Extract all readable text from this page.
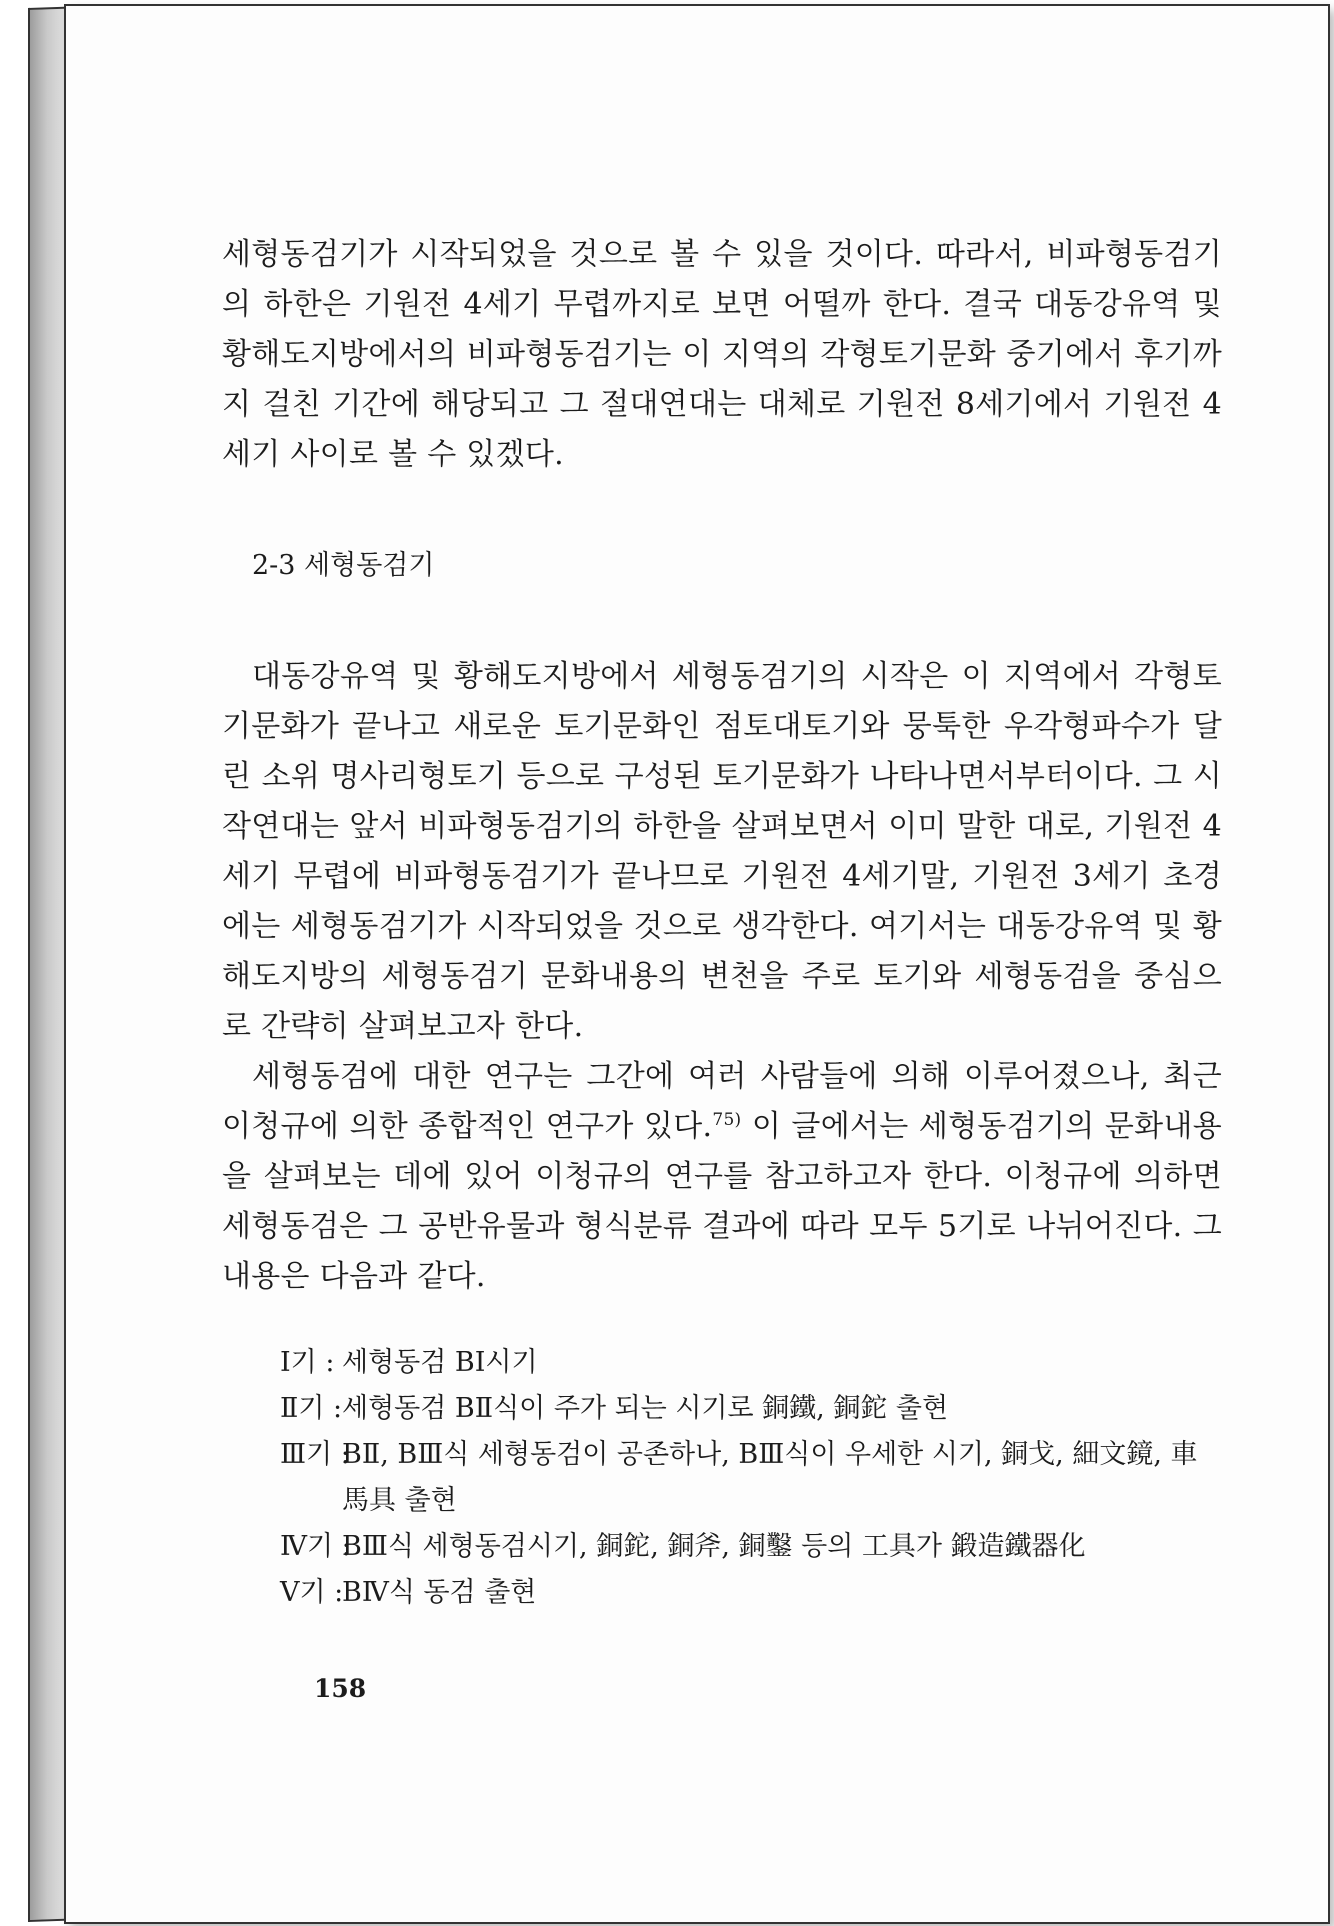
세형동검기가 시작되었을 것으로 볼 수 있을 것이다. 따라서, 비파형동검기의 하한은 기원전 4세기 무렵까지로 보면 어떨까 한다. 결국 대동강유역 및 황해도지방에서의 비파형동검기는 이 지역의 각형토기문화 중기에서 후기까지 걸친 기간에 해당되고 그 절대연대는 대체로 기원전 8세기에서 기원전 4세기 사이로 볼 수 있겠다.

2-3 세형동검기

대동강유역 및 황해도지방에서 세형동검기의 시작은 이 지역에서 각형토기문화가 끝나고 새로운 토기문화인 점토대토기와 뭉툭한 우각형파수가 달린 소위 명사리형토기 등으로 구성된 토기문화가 나타나면서부터이다. 그 시작연대는 앞서 비파형동검기의 하한을 살펴보면서 이미 말한 대로, 기원전 4세기 무렵에 비파형동검기가 끝나므로 기원전 4세기말, 기원전 3세기 초경에는 세형동검기가 시작되었을 것으로 생각한다. 여기서는 대동강유역 및 황해도지방의 세형동검기 문화내용의 변천을 주로 토기와 세형동검을 중심으로 간략히 살펴보고자 한다.

세형동검에 대한 연구는 그간에 여러 사람들에 의해 이루어졌으나, 최근 이청규에 의한 종합적인 연구가 있다.$^{75)}$ 이 글에서는 세형동검기의 문화내용을 살펴보는 데에 있어 이청규의 연구를 참고하고자 한다. 이청규에 의하면 세형동검은 그 공반유물과 형식분류 결과에 따라 모두 5기로 나뉘어진다. 그 내용은 다음과 같다.

Ⅰ기 : 세형동검 BⅠ시기
Ⅱ기 : 세형동검 BⅡ식이 주가 되는 시기로 銅鐵, 銅鉈 출현
Ⅲ기 :
BⅡ, BⅢ식 세형동검이 공존하나, BⅢ식이 우세한 시기, 銅戈, 細文鏡, 車馬具 출현
Ⅳ기 :
BⅢ식 세형동검시기, 銅鉈, 銅斧, 銅鑿 등의 工具가 鍛造鐵器化
Ⅴ기 :
BⅣ식 동검 출현
158
